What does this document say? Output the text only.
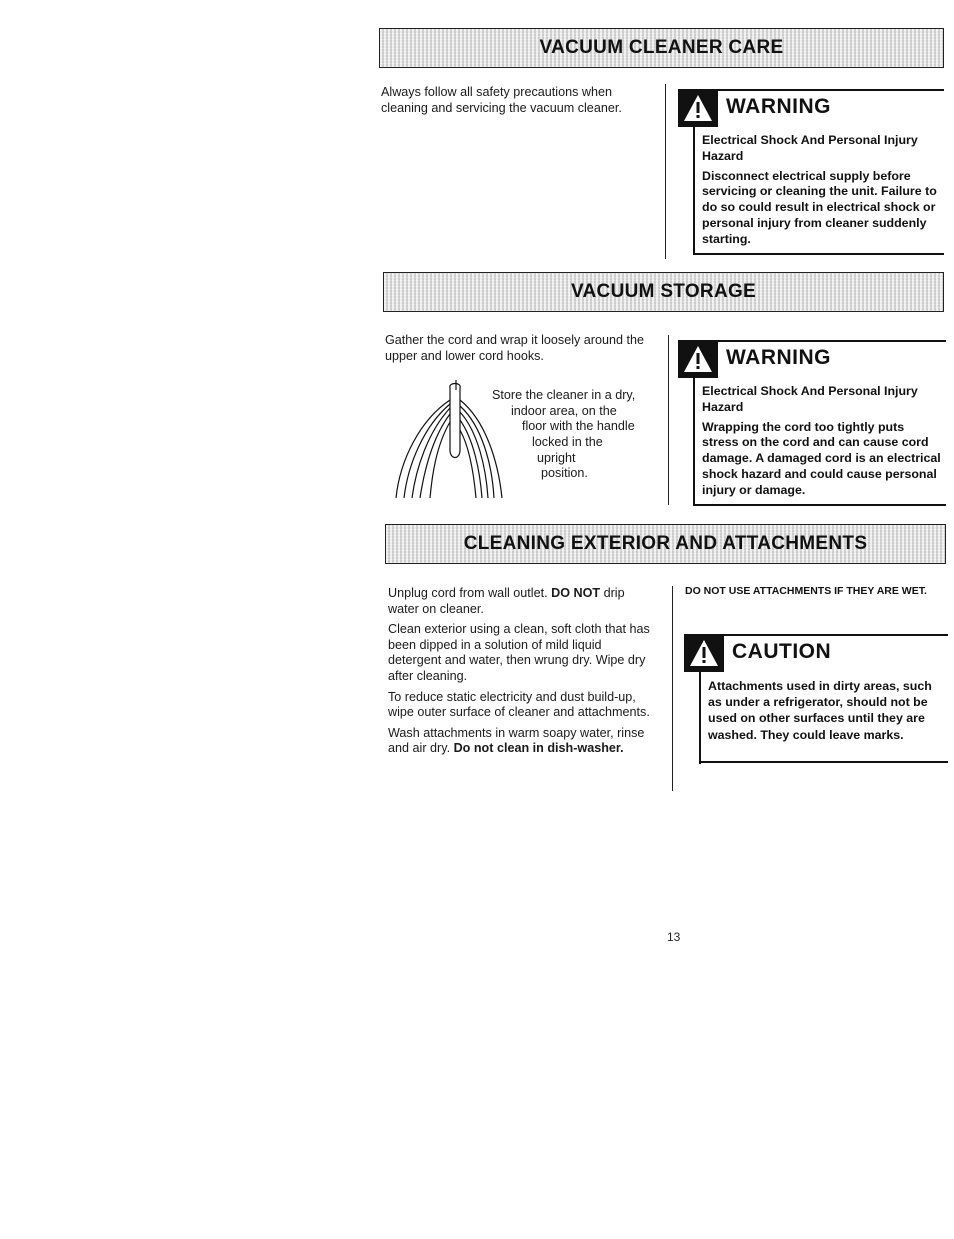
VACUUM CLEANER CARE

Always follow all safety precautions when cleaning and servicing the vacuum cleaner.	WARNING

Electrical Shock And Personal Injury Hazard

Disconnect electrical supply before servicing or cleaning the unit. Failure to do so could result in electrical shock or personal injury from cleaner suddenly starting.

VACUUM STORAGE

Gather the cord and wrap it loosely around the upper and lower cord hooks.

Store the cleaner in a dry,
indoor area, on the
floor with the handle
locked in the
upright
position.
WARNING

Electrical Shock And Personal Injury Hazard

Wrapping the cord too tightly puts stress on the cord and can cause cord damage. A damaged cord is an electrical shock hazard and could cause personal injury or damage.

CLEANING EXTERIOR AND ATTACHMENTS

Unplug cord from wall outlet. DO NOT drip water on cleaner.

Clean exterior using a clean, soft cloth that has been dipped in a solution of mild liquid detergent and water, then wrung dry. Wipe dry after cleaning.

To reduce static electricity and dust build-up, wipe outer surface of cleaner and attachments.

Wash attachments in warm soapy water, rinse and air dry. Do not clean in dish-washer.

DO NOT USE ATTACHMENTS IF THEY ARE WET.
CAUTION

Attachments used in dirty areas, such as under a refrigerator, should not be used on other surfaces until they are washed. They could leave marks.

13
